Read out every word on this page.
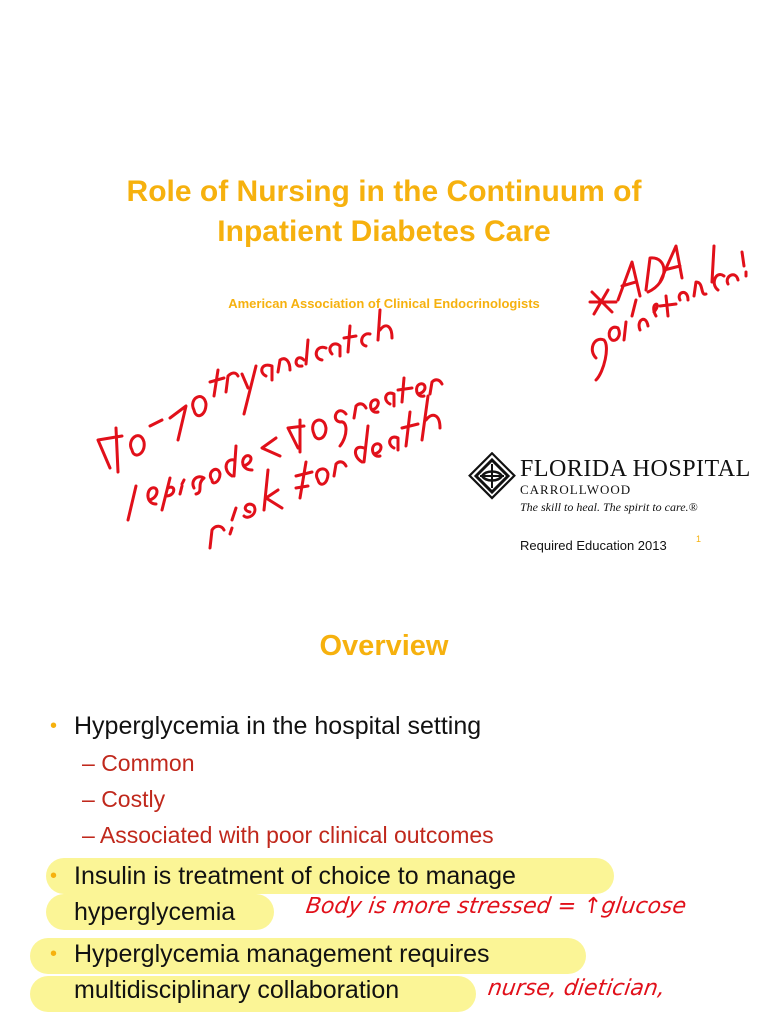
Role of Nursing in the Continuum of
Inpatient Diabetes Care
American Association of Clinical Endocrinologists
FLORIDA HOSPITAL
CARROLLWOOD
The skill to heal. The spirit to care.®
Required Education 2013	1
Overview
• Hyperglycemia in the hospital setting
– Common
– Costly
– Associated with poor clinical outcomes
• Insulin is treatment of choice to manage
hyperglycemia
• Hyperglycemia management requires
multidisciplinary collaboration
Body is more stressed = ↑glucose
nurse, dietician,
